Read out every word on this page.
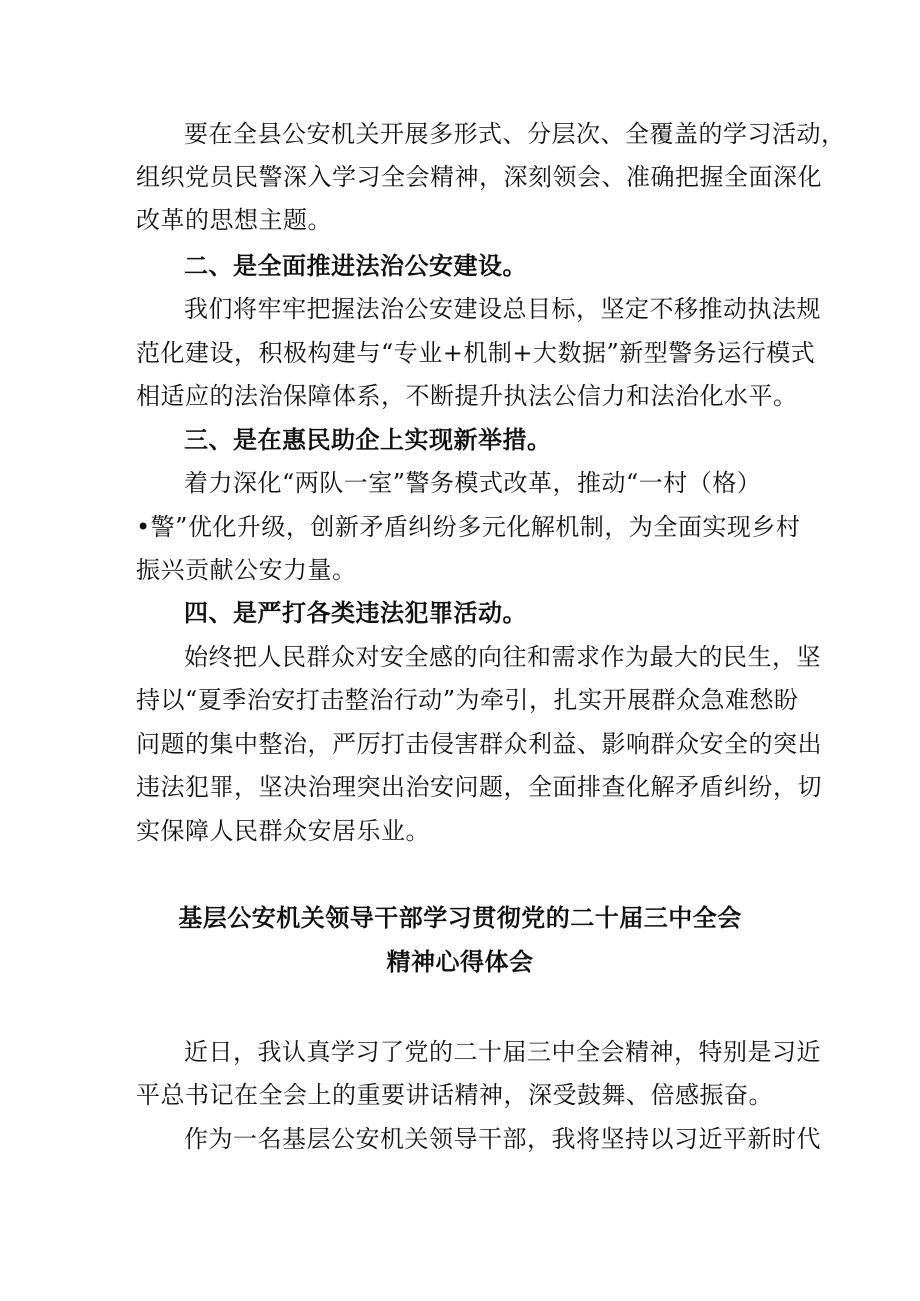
要在全县公安机关开展多形式、分层次、全覆盖的学习活动，
组织党员民警深入学习全会精神，深刻领会、准确把握全面深化
改革的思想主题。
二、是全面推进法治公安建设。
我们将牢牢把握法治公安建设总目标，坚定不移推动执法规
范化建设，积极构建与“专业+机制+大数据”新型警务运行模式
相适应的法治保障体系，不断提升执法公信力和法治化水平。
三、是在惠民助企上实现新举措。
着力深化“两队一室”警务模式改革，推动“一村（格）
•警”优化升级，创新矛盾纠纷多元化解机制，为全面实现乡村
振兴贡献公安力量。
四、是严打各类违法犯罪活动。
始终把人民群众对安全感的向往和需求作为最大的民生，坚
持以“夏季治安打击整治行动”为牵引，扎实开展群众急难愁盼
问题的集中整治，严厉打击侵害群众利益、影响群众安全的突出
违法犯罪，坚决治理突出治安问题，全面排查化解矛盾纠纷，切
实保障人民群众安居乐业。
基层公安机关领导干部学习贯彻党的二十届三中全会
精神心得体会
近日，我认真学习了党的二十届三中全会精神，特别是习近
平总书记在全会上的重要讲话精神，深受鼓舞、倍感振奋。
作为一名基层公安机关领导干部，我将坚持以习近平新时代
